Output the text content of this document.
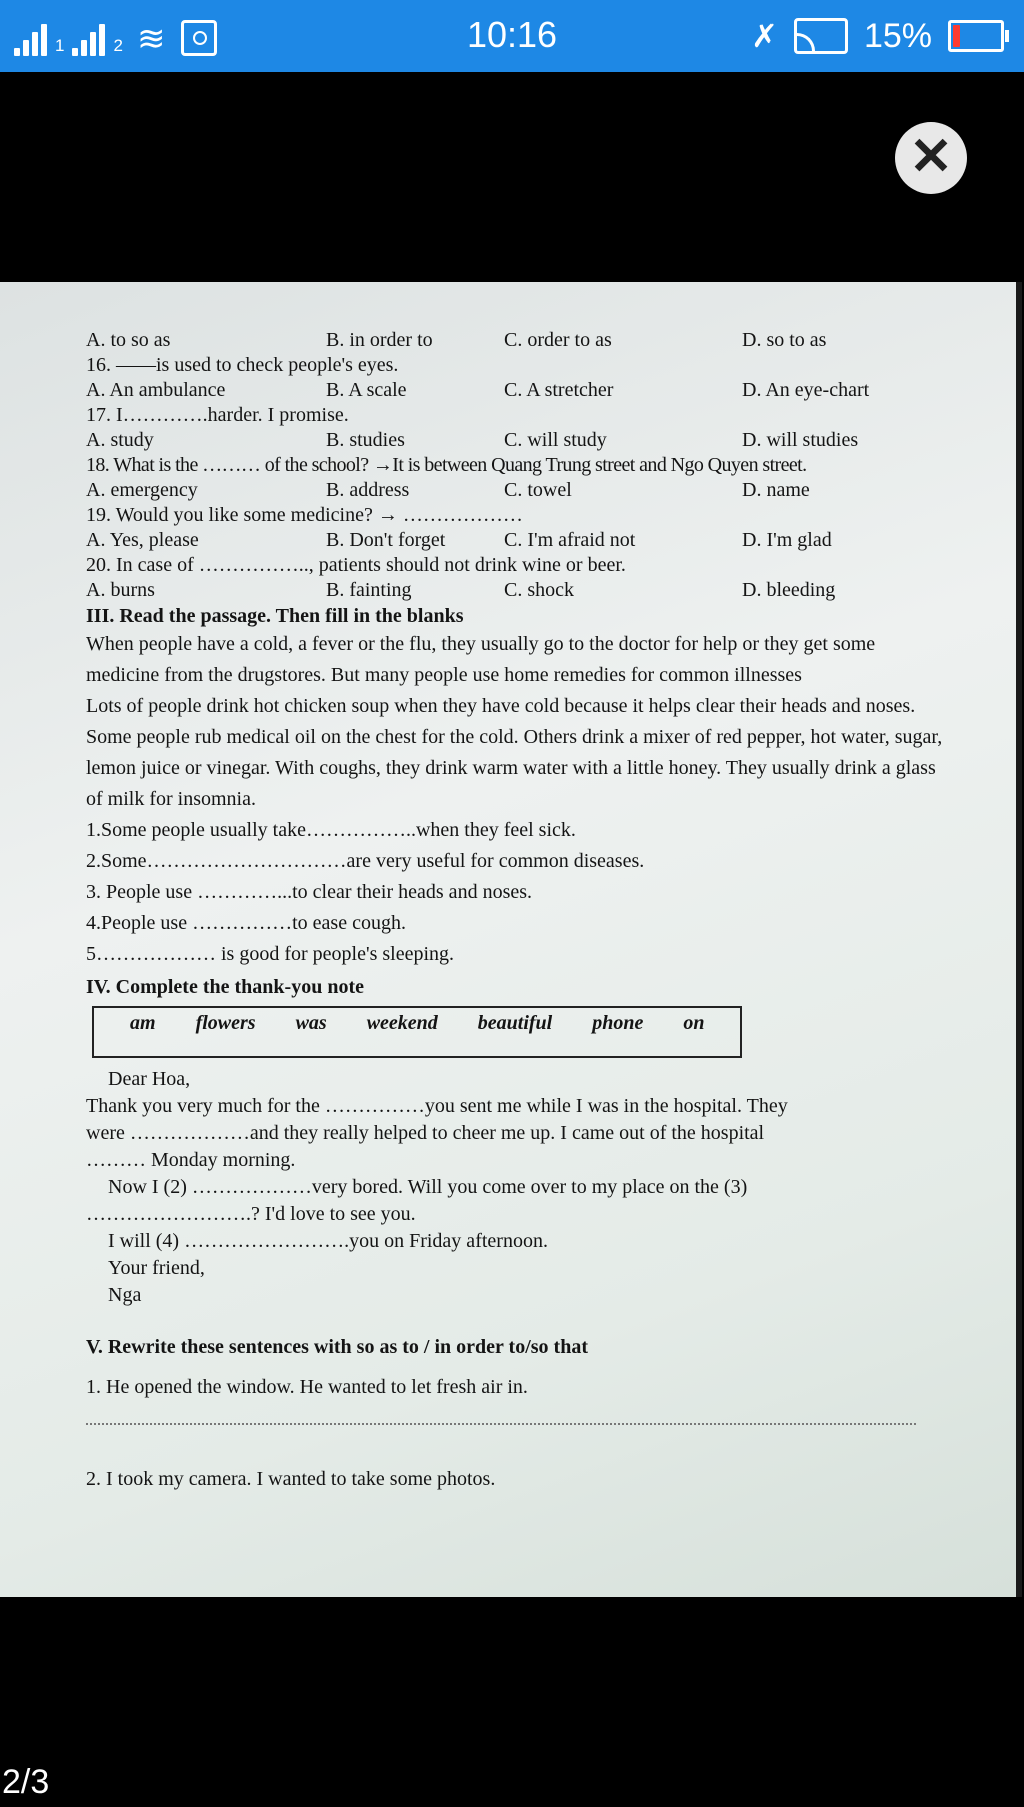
1	2 ≋	10:16	✗	15%
✕
A. to so as	B. in order to	C. order to as	D. so to as
16. ——is used to check people's eyes.
A. An ambulance	B. A scale	C. A stretcher	D. An eye-chart
17. I………….harder. I promise.
A. study	B. studies	C. will study	D. will studies
18. What is the ……… of the school? →It is between Quang Trung street and Ngo Quyen street.
A. emergency	B. address	C. towel	D. name
19. Would you like some medicine? → ………………
A. Yes, please	B. Don't forget	C. I'm afraid not	D. I'm glad
20. In case of …………….., patients should not drink wine or beer.
A. burns	B. fainting	C. shock	D. bleeding
III. Read the passage. Then fill in the blanks

When people have a cold, a fever or the flu, they usually go to the doctor for help or they get some medicine from the drugstores. But many people use home remedies for common illnesses

Lots of people drink hot chicken soup when they have cold because it helps clear their heads and noses. Some people rub medical oil on the chest for the cold. Others drink a mixer of red pepper, hot water, sugar, lemon juice or vinegar. With coughs, they drink warm water with a little honey. They usually drink a glass of milk for insomnia.

1.Some people usually take……………..when they feel sick.
2.Some…………………………are very useful for common diseases.
3. People use …………...to clear their heads and noses.
4.People use ……………to ease cough.
5……………… is good for people's sleeping.
IV. Complete the thank-you note
am flowers was weekend beautiful phone on
Dear Hoa,
Thank you very much for the ……………you sent me while I was in the hospital. They
were ………………and they really helped to cheer me up. I came out of the hospital
……… Monday morning.
Now I (2) ………………very bored. Will you come over to my place on the (3)
…………………….? I'd love to see you.
I will (4) …………………….you on Friday afternoon.
Your friend,
Nga
V. Rewrite these sentences with so as to / in order to/so that
1. He opened the window. He wanted to let fresh air in.
2. I took my camera. I wanted to take some photos.
2/3
